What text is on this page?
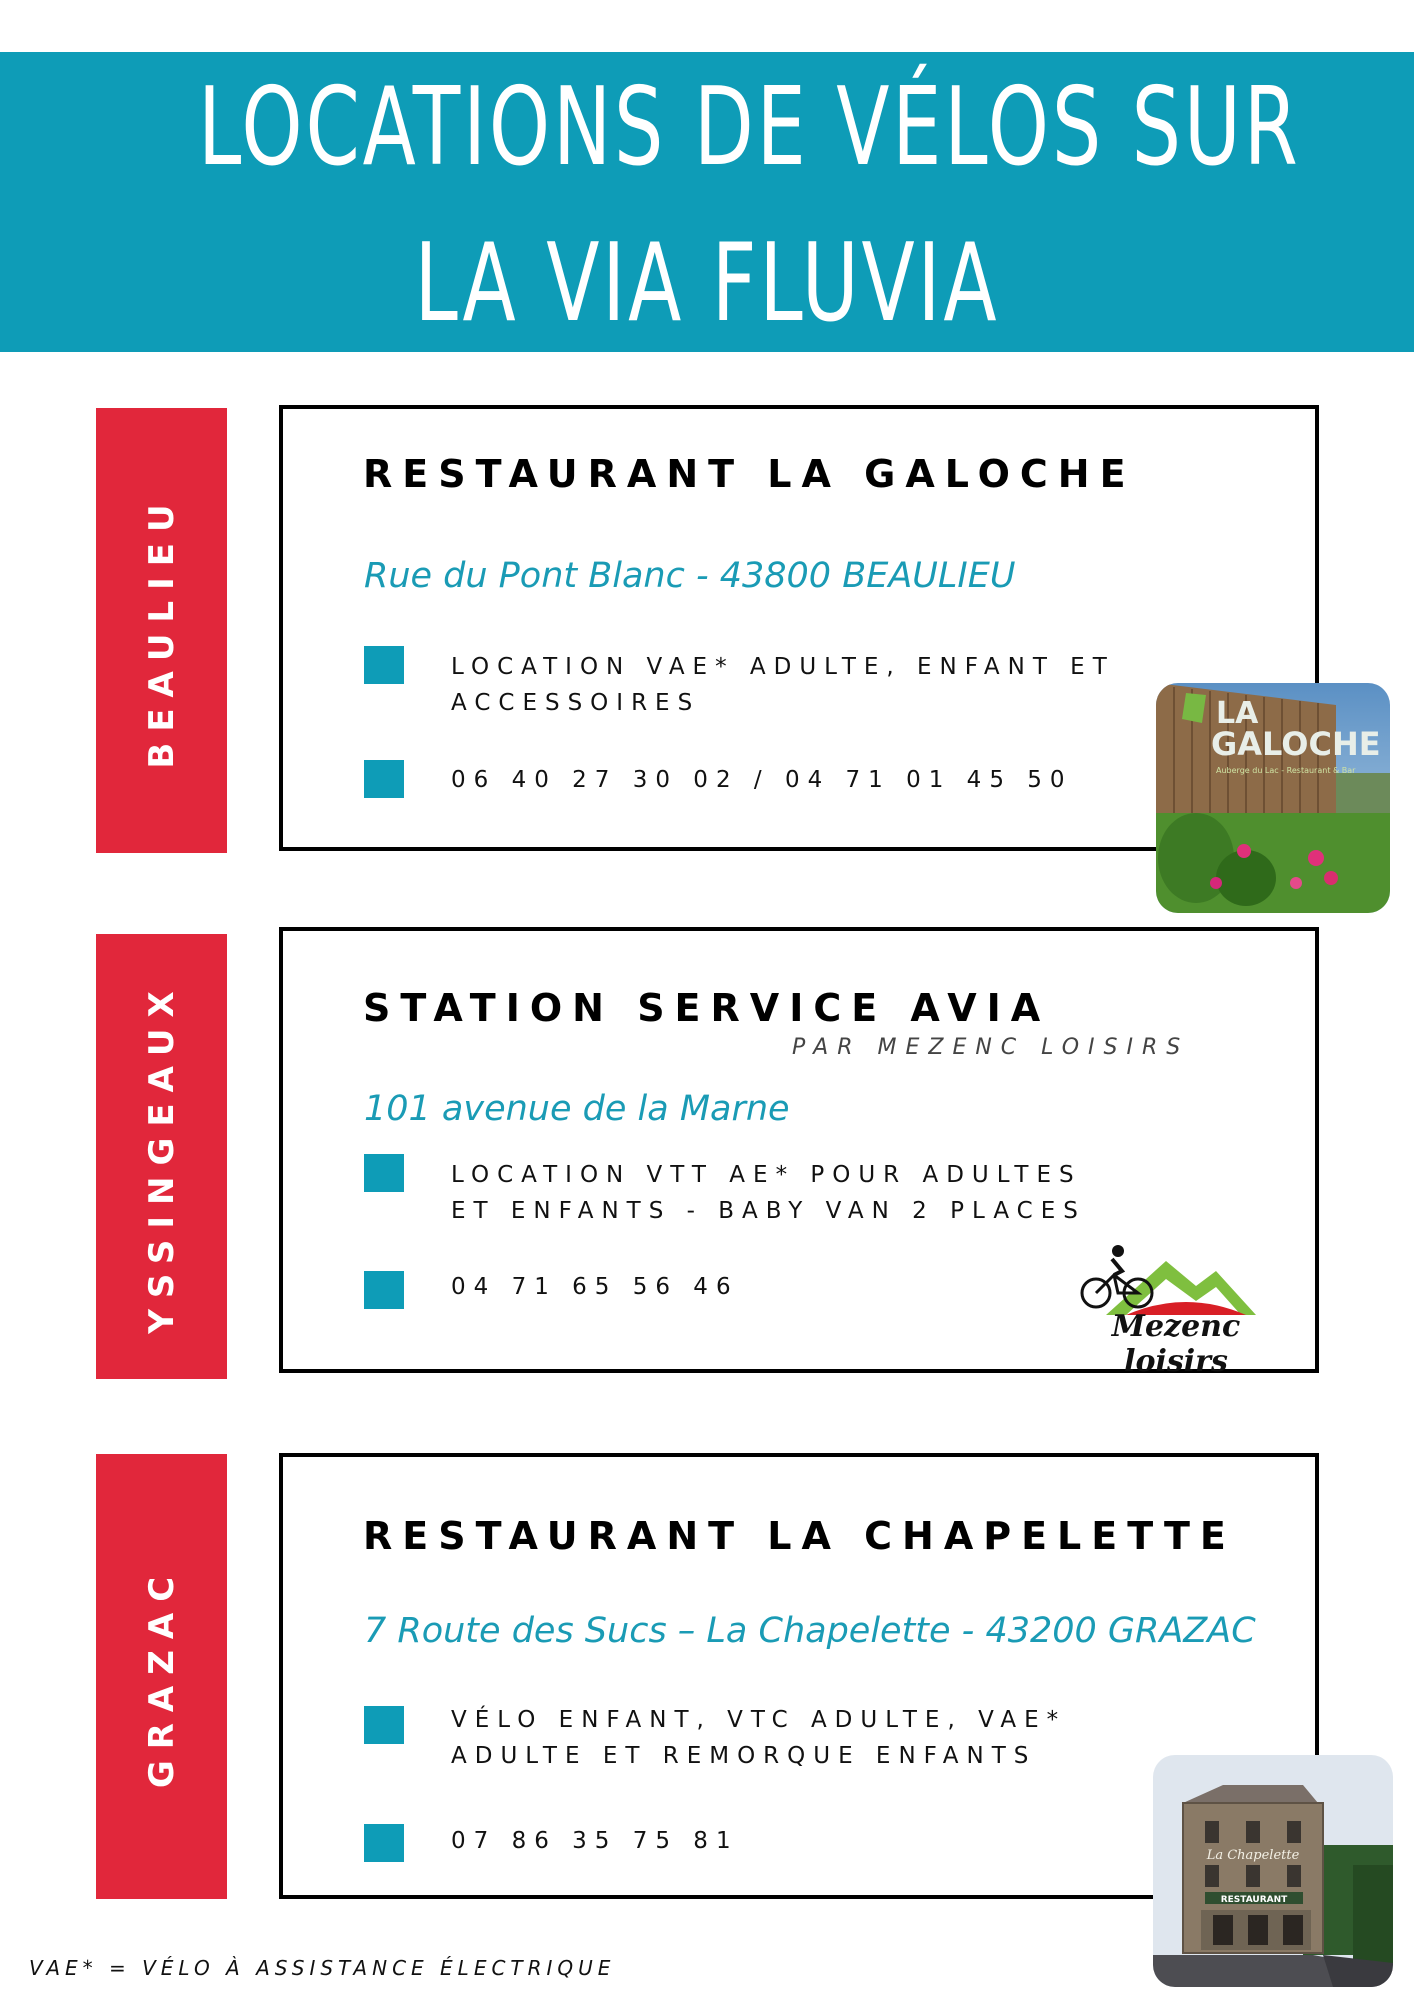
LOCATIONS DE VÉLOS SUR
LA VIA FLUVIA
BEAULIEU
RESTAURANT LA GALOCHE
Rue du Pont Blanc - 43800 BEAULIEU
LOCATION VAE* ADULTE, ENFANT ET
ACCESSOIRES
06 40 27 30 02 / 04 71 01 45 50
LA
GALOCHE
Auberge du Lac - Restaurant & Bar
YSSINGEAUX	STATION SERVICE AVIA
PAR MEZENC LOISIRS
101 avenue de la Marne
LOCATION VTT AE* POUR ADULTES
ET ENFANTS - BABY VAN 2 PLACES
04 71 65 56 46
Mezenc loisirs
GRAZAC
RESTAURANT LA CHAPELETTE
7 Route des Sucs – La Chapelette - 43200 GRAZAC
VÉLO ENFANT, VTC ADULTE, VAE*
ADULTE ET REMORQUE ENFANTS
07 86 35 75 81
La Chapelette
RESTAURANT
VAE* = VÉLO À ASSISTANCE ÉLECTRIQUE
